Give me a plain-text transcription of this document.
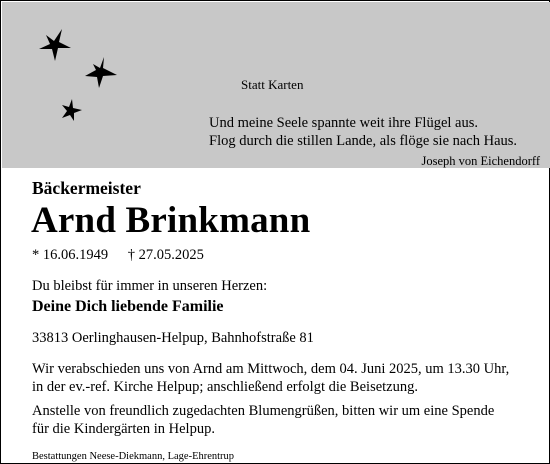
Statt Karten
Und meine Seele spannte weit ihre Flügel aus.
Flog durch die stillen Lande, als flöge sie nach Haus.
Joseph von Eichendorff
Bäckermeister
Arnd Brinkmann
* 16.06.1949 † 27.05.2025
Du bleibst für immer in unseren Herzen:
Deine Dich liebende Familie
33813 Oerlinghausen-Helpup, Bahnhofstraße 81
Wir verabschieden uns von Arnd am Mittwoch, dem 04. Juni 2025, um 13.30 Uhr,
in der ev.-ref. Kirche Helpup; anschließend erfolgt die Beisetzung.
Anstelle von freundlich zugedachten Blumengrüßen, bitten wir um eine Spende
für die Kindergärten in Helpup.
Bestattungen Neese-Diekmann, Lage-Ehrentrup
